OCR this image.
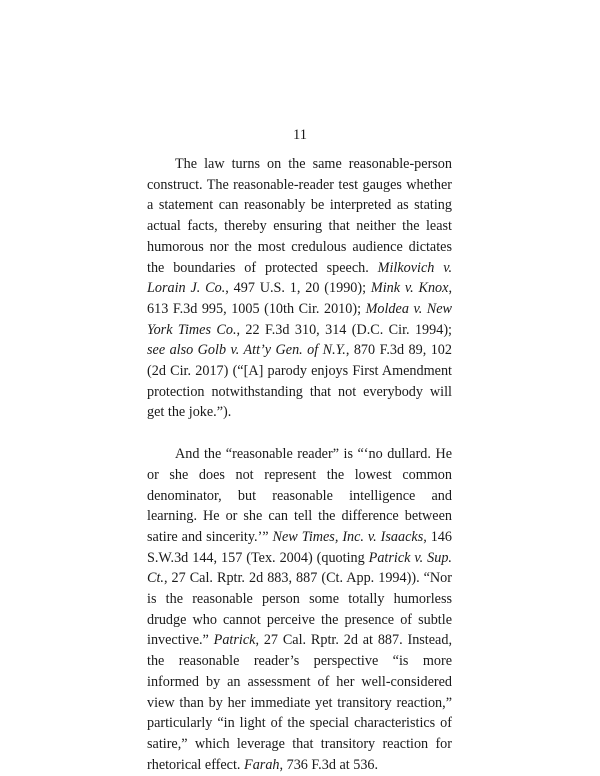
11

The law turns on the same reasonable-person construct. The reasonable-reader test gauges whether a statement can reasonably be interpreted as stating actual facts, thereby ensuring that neither the least humorous nor the most credulous audience dictates the boundaries of protected speech. Milkovich v. Lorain J. Co., 497 U.S. 1, 20 (1990); Mink v. Knox, 613 F.3d 995, 1005 (10th Cir. 2010); Moldea v. New York Times Co., 22 F.3d 310, 314 (D.C. Cir. 1994); see also Golb v. Att’y Gen. of N.Y., 870 F.3d 89, 102 (2d Cir. 2017) (“[A] parody enjoys First Amendment protection notwithstanding that not everybody will get the joke.”).

And the “reasonable reader” is “‘no dullard. He or she does not represent the lowest common denominator, but reasonable intelligence and learning. He or she can tell the difference between satire and sincerity.’” New Times, Inc. v. Isaacks, 146 S.W.3d 144, 157 (Tex. 2004) (quoting Patrick v. Sup. Ct., 27 Cal. Rptr. 2d 883, 887 (Ct. App. 1994)). “Nor is the reasonable person some totally humorless drudge who cannot perceive the presence of subtle invective.” Patrick, 27 Cal. Rptr. 2d at 887. Instead, the reasonable reader’s perspective “is more informed by an assessment of her well-considered view than by her immediate yet transitory reaction,” particularly “in light of the special characteristics of satire,” which leverage that transitory reaction for rhetorical effect. Farah, 736 F.3d at 536.
